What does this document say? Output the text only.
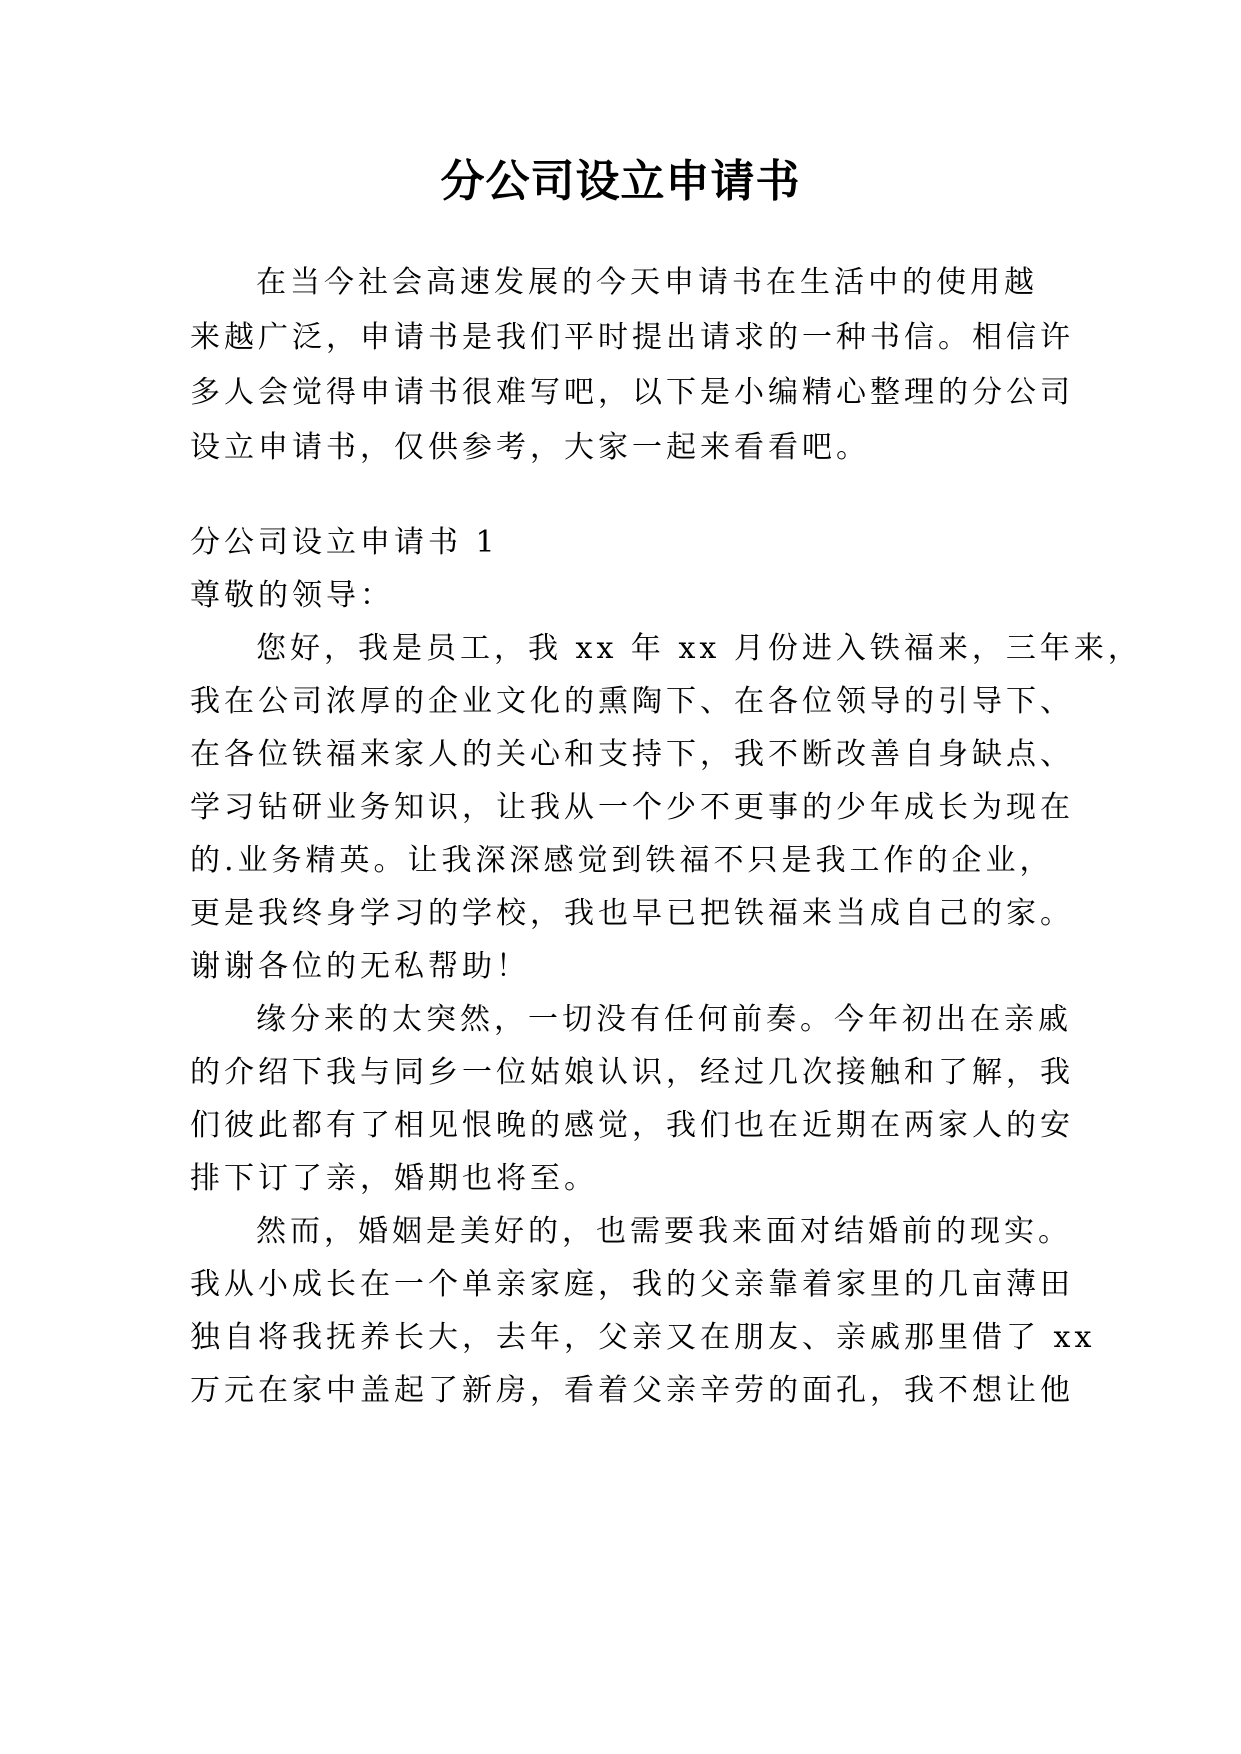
分公司设立申请书
在当今社会高速发展的今天申请书在生活中的使用越
来越广泛，申请书是我们平时提出请求的一种书信。相信许
多人会觉得申请书很难写吧，以下是小编精心整理的分公司
设立申请书，仅供参考，大家一起来看看吧。
分公司设立申请书 1
尊敬的领导：
您好，我是员工，我 xx 年 xx 月份进入铁福来，三年来，
我在公司浓厚的企业文化的熏陶下、在各位领导的引导下、
在各位铁福来家人的关心和支持下，我不断改善自身缺点、
学习钻研业务知识，让我从一个少不更事的少年成长为现在
的.业务精英。让我深深感觉到铁福不只是我工作的企业，
更是我终身学习的学校，我也早已把铁福来当成自己的家。
谢谢各位的无私帮助！
缘分来的太突然，一切没有任何前奏。今年初出在亲戚
的介绍下我与同乡一位姑娘认识，经过几次接触和了解，我
们彼此都有了相见恨晚的感觉，我们也在近期在两家人的安
排下订了亲，婚期也将至。
然而，婚姻是美好的，也需要我来面对结婚前的现实。
我从小成长在一个单亲家庭，我的父亲靠着家里的几亩薄田
独自将我抚养长大，去年，父亲又在朋友、亲戚那里借了 xx
万元在家中盖起了新房，看着父亲辛劳的面孔，我不想让他
